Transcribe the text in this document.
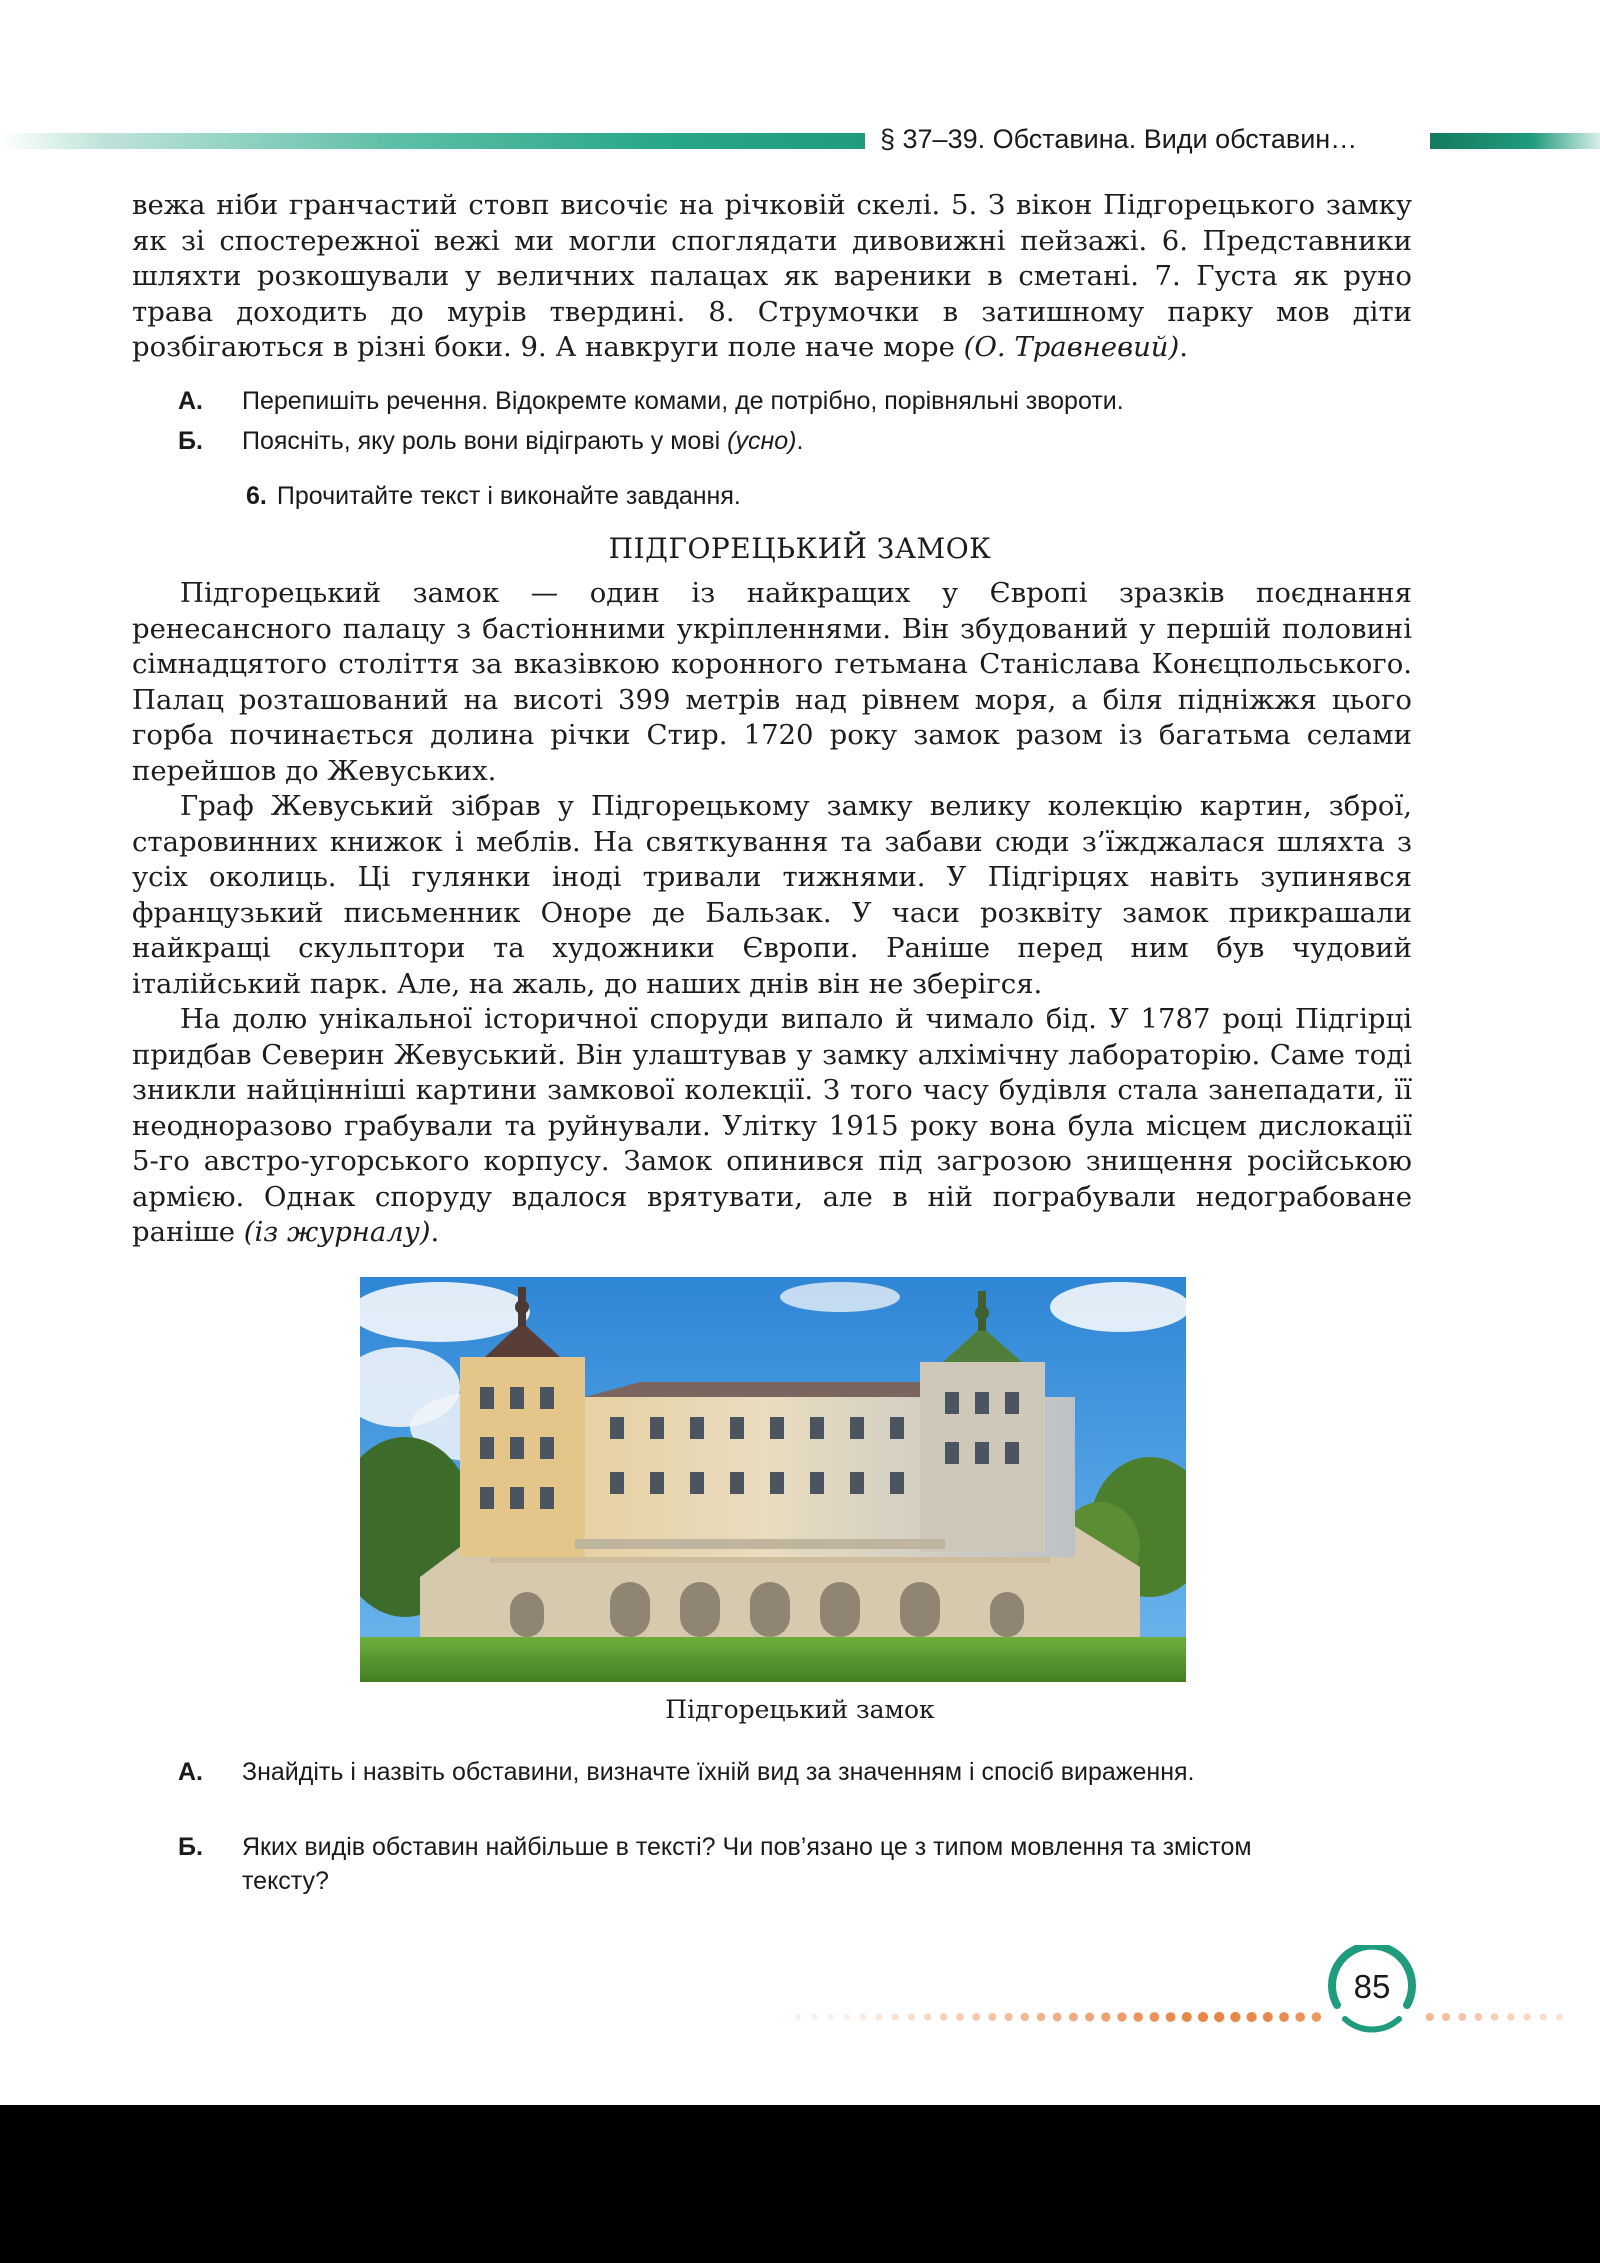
§ 37–39. Обставина. Види обставин…

вежа ніби гранчастий стовп височіє на річковій скелі. 5. З вікон Підгорецького замку як зі спостережної вежі ми могли споглядати дивовижні пейзажі. 6. Представники шляхти розкошували у величних палацах як вареники в сметані. 7. Густа як руно трава доходить до мурів твердині. 8. Струмочки в затишному парку мов діти розбігаються в різні боки. 9. А навкруги поле наче море (О. Травневий).

А. Перепишіть речення. Відокремте комами, де потрібно, порівняльні звороти.
Б. Поясніть, яку роль вони відіграють у мові (усно).
6. Прочитайте текст і виконайте завдання.
ПІДГОРЕЦЬКИЙ ЗАМОК

Підгорецький замок — один із найкращих у Європі зразків поєднання ренесансного палацу з бастіонними укріпленнями. Він збудований у першій половині сімнадцятого століття за вказівкою коронного гетьмана Станіслава Конєцпольського. Палац розташований на висоті 399 метрів над рівнем моря, а біля підніжжя цього горба починається долина річки Стир. 1720 року замок разом із багатьма селами перейшов до Жевуських.

Граф Жевуський зібрав у Підгорецькому замку велику колекцію картин, зброї, старовинних книжок і меблів. На святкування та забави сюди з’їжджалася шляхта з усіх околиць. Ці гулянки іноді тривали тижнями. У Підгірцях навіть зупинявся французький письменник Оноре де Бальзак. У часи розквіту замок прикрашали найкращі скульптори та художники Європи. Раніше перед ним був чудовий італійський парк. Але, на жаль, до наших днів він не зберігся.

На долю унікальної історичної споруди випало й чимало бід. У 1787 році Підгірці придбав Северин Жевуський. Він улаштував у замку алхімічну лабораторію. Саме тоді зникли найцінніші картини замкової колекції. З того часу будівля стала занепадати, її неодноразово грабували та руйнували. Улітку 1915 року вона була місцем дислокації 5-го австро-угорського корпусу. Замок опинився під загрозою знищення російською армією. Однак споруду вдалося врятувати, але в ній пограбували недограбоване раніше (із журналу).

Підгорецький замок
А. Знайдіть і назвіть обставини, визначте їхній вид за значенням і спосіб вираження.
Б. Яких видів обставин найбільше в тексті? Чи пов’язано це з типом мовлення та змістом тексту?
85
